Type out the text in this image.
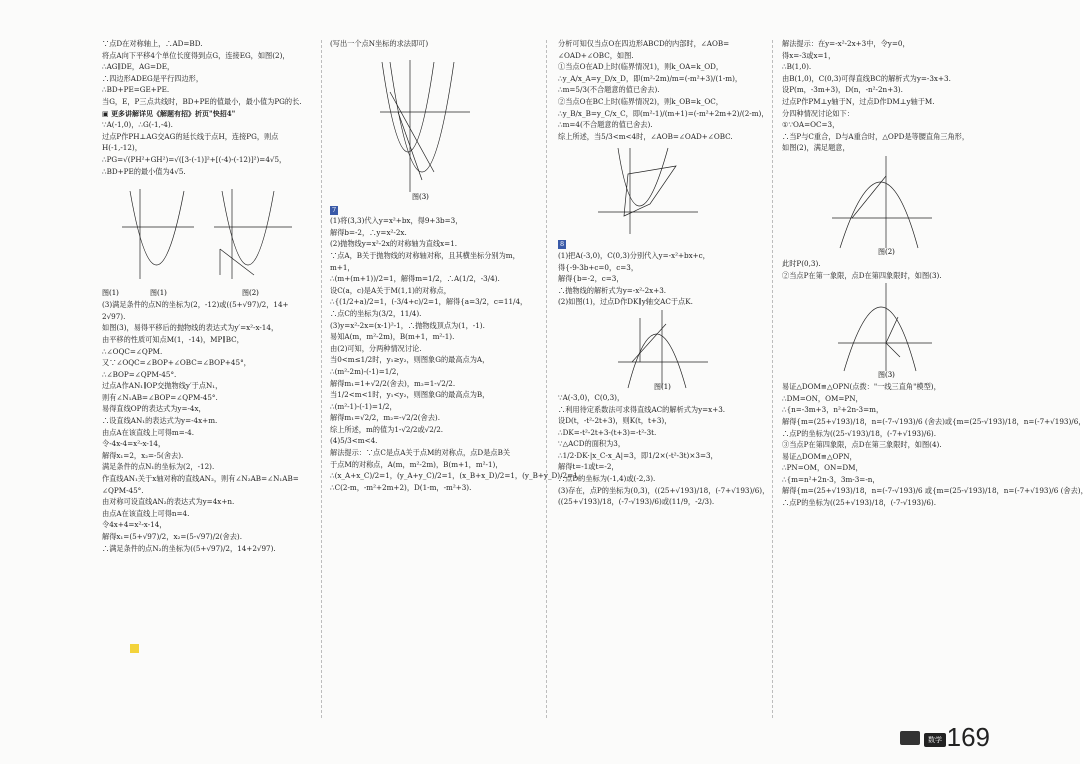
∵点D在对称轴上，∴AD=BD.

将点A向下平移4个单位长度得到点G，连接EG，如图(2)，

∴AG∥DE，AG=DE，

∴四边形ADEG是平行四边形，

∴BD+PE=GE+PE.

当G，E，P三点共线时，BD+PE的值最小，最小值为PG的长.

▣ 更多讲解详见《解题有招》折页"快招4"

∵A(-1,0)，∴G(-1,-4).

过点P作PH⊥AG交AG的延长线于点H，连接PG，则点

H(-1,-12)，

∴PG=√(PH²+GH²)=√([3-(-1)]²+[(-4)-(-12)]²)=4√5，

∴BD+PE的最小值为4√5.

图(1)	图(1)	图(2)

(3)满足条件的点N的坐标为(2，-12)或((5+√97)/2，14+

2√97).

如图(3)，易得平移后的抛物线的表达式为y′=x²-x-14，

由平移的性质可知点M(1，-14)，MP∥BC，

∴∠OQC=∠QPM.

又∵∠OQC=∠BOP+∠OBC=∠BOP+45°，

∴∠BOP=∠QPM-45°.

过点A作AN₁∥OP交抛物线y′于点N₁，

则有∠N₁AB=∠BOP=∠QPM-45°.

易得直线OP的表达式为y=-4x，

∴设直线AN₁的表达式为y=-4x+m.

由点A在该直线上可得m=-4.

令-4x-4=x²-x-14，

解得x₁=2，x₂=-5(舍去).

满足条件的点N₁的坐标为(2，-12).

作直线AN₁关于x轴对称的直线AN₂，则有∠N₂AB=∠N₁AB=

∠QPM-45°.

由对称可设直线AN₂的表达式为y=4x+n.

由点A在该直线上可得n=4.

令4x+4=x²-x-14，

解得x₁=(5+√97)/2，x₂=(5-√97)/2(舍去).

∴满足条件的点N₂的坐标为((5+√97)/2，14+2√97).

(写出一个点N坐标的求法即可)

图(3)

7

(1)将(3,3)代入y=x²+bx，得9+3b=3，

解得b=-2，∴y=x²-2x.

(2)抛物线y=x²-2x的对称轴为直线x=1.

∵点A，B关于抛物线的对称轴对称，且其横坐标分别为m，

m+1，

∴(m+(m+1))/2=1，解得m=1/2，∴A(1/2，-3/4).

设C(a，c)是A关于M(1,1)的对称点，

∴{(1/2+a)/2=1，(-3/4+c)/2=1，解得{a=3/2，c=11/4，

∴点C的坐标为(3/2，11/4).

(3)y=x²-2x=(x-1)²-1，∴抛物线顶点为(1，-1).

易知A(m，m²-2m)，B(m+1，m²-1).

由(2)可知，分两种情况讨论.

当0<m≤1/2时，y₁≥y₂，则图象G的最高点为A，

∴(m²-2m)-(-1)=1/2，

解得m₁=1+√2/2(舍去)，m₂=1-√2/2.

当1/2<m<1时，y₁<y₂，则图象G的最高点为B，

∴(m²-1)-(-1)=1/2，

解得m₁=√2/2，m₂=-√2/2(舍去).

综上所述，m的值为1-√2/2或√2/2.

(4)5/3<m<4.

解法提示：∵点C是点A关于点M的对称点，点D是点B关

于点M的对称点，A(m，m²-2m)，B(m+1，m²-1)，

∴(x_A+x_C)/2=1，(y_A+y_C)/2=1，(x_B+x_D)/2=1，(y_B+y_D)/2=1，

∴C(2-m，-m²+2m+2)，D(1-m，-m²+3).

分析可知仅当点O在四边形ABCD的内部时，∠AOB=

∠OAD+∠OBC，如图.

①当点O在AD上时(临界情况1)，则k_OA=k_OD，

∴y_A/x_A=y_D/x_D，即(m²-2m)/m=(-m²+3)/(1-m)，

∴m=5/3(不合题意的值已舍去).

②当点O在BC上时(临界情况2)，则k_OB=k_OC，

∴y_B/x_B=y_C/x_C，即(m²-1)/(m+1)=(-m²+2m+2)/(2-m)，

∴m=4(不合题意的值已舍去).

综上所述，当5/3<m<4时，∠AOB=∠OAD+∠OBC.

8

(1)把A(-3,0)，C(0,3)分别代入y=-x²+bx+c，

得{-9-3b+c=0，c=3，

解得{b=-2，c=3，

∴抛物线的解析式为y=-x²-2x+3.

(2)如图(1)，过点D作DK∥y轴交AC于点K.

图(1)

∵A(-3,0)，C(0,3)，

∴利用待定系数法可求得直线AC的解析式为y=x+3.

设D(t，-t²-2t+3)，则K(t，t+3)，

∴DK=-t²-2t+3-(t+3)=-t²-3t.

∵△ACD的面积为3，

∴1/2·DK·|x_C-x_A|=3，即1/2×(-t²-3t)×3=3，

解得t=-1或t=-2，

∴点D的坐标为(-1,4)或(-2,3).

(3)存在，点P的坐标为(0,3)，((25+√193)/18，(-7+√193)/6)，

((25+√193)/18，(-7-√193)/6)或(11/9，-2/3).

解法提示：在y=-x²-2x+3中，令y=0，

得x=-3或x=1，

∴B(1,0).

由B(1,0)，C(0,3)可得直线BC的解析式为y=-3x+3.

设P(m，-3m+3)，D(n，-n²-2n+3).

过点P作PM⊥y轴于N，过点D作DM⊥y轴于M.

分四种情况讨论如下：

①∵OA=OC=3，

∴当P与C重合，D与A重合时，△OPD是等腰直角三角形，

如图(2)，满足题意，

图(2)

此时P(0,3).

②当点P在第一象限，点D在第四象限时，如图(3).

图(3)

易证△DOM≌△OPN(点拨："一线三直角"模型)，

∴DM=ON，OM=PN，

∴{n=-3m+3，n²+2n-3=m，

解得{m=(25+√193)/18，n=(-7-√193)/6 (舍去)或{m=(25-√193)/18，n=(-7+√193)/6，

∴点P的坐标为((25-√193)/18，(-7+√193)/6).

③当点P在第四象限，点D在第三象限时，如图(4).

易证△DOM≌△OPN，

∴PN=OM，ON=DM，

∴{m=n²+2n-3，3m-3=-n，

解得{m=(25+√193)/18，n=(-7-√193)/6 或{m=(25-√193)/18，n=(-7+√193)/6 (舍去)，

∴点P的坐标为((25+√193)/18，(-7-√193)/6).

数学 169
